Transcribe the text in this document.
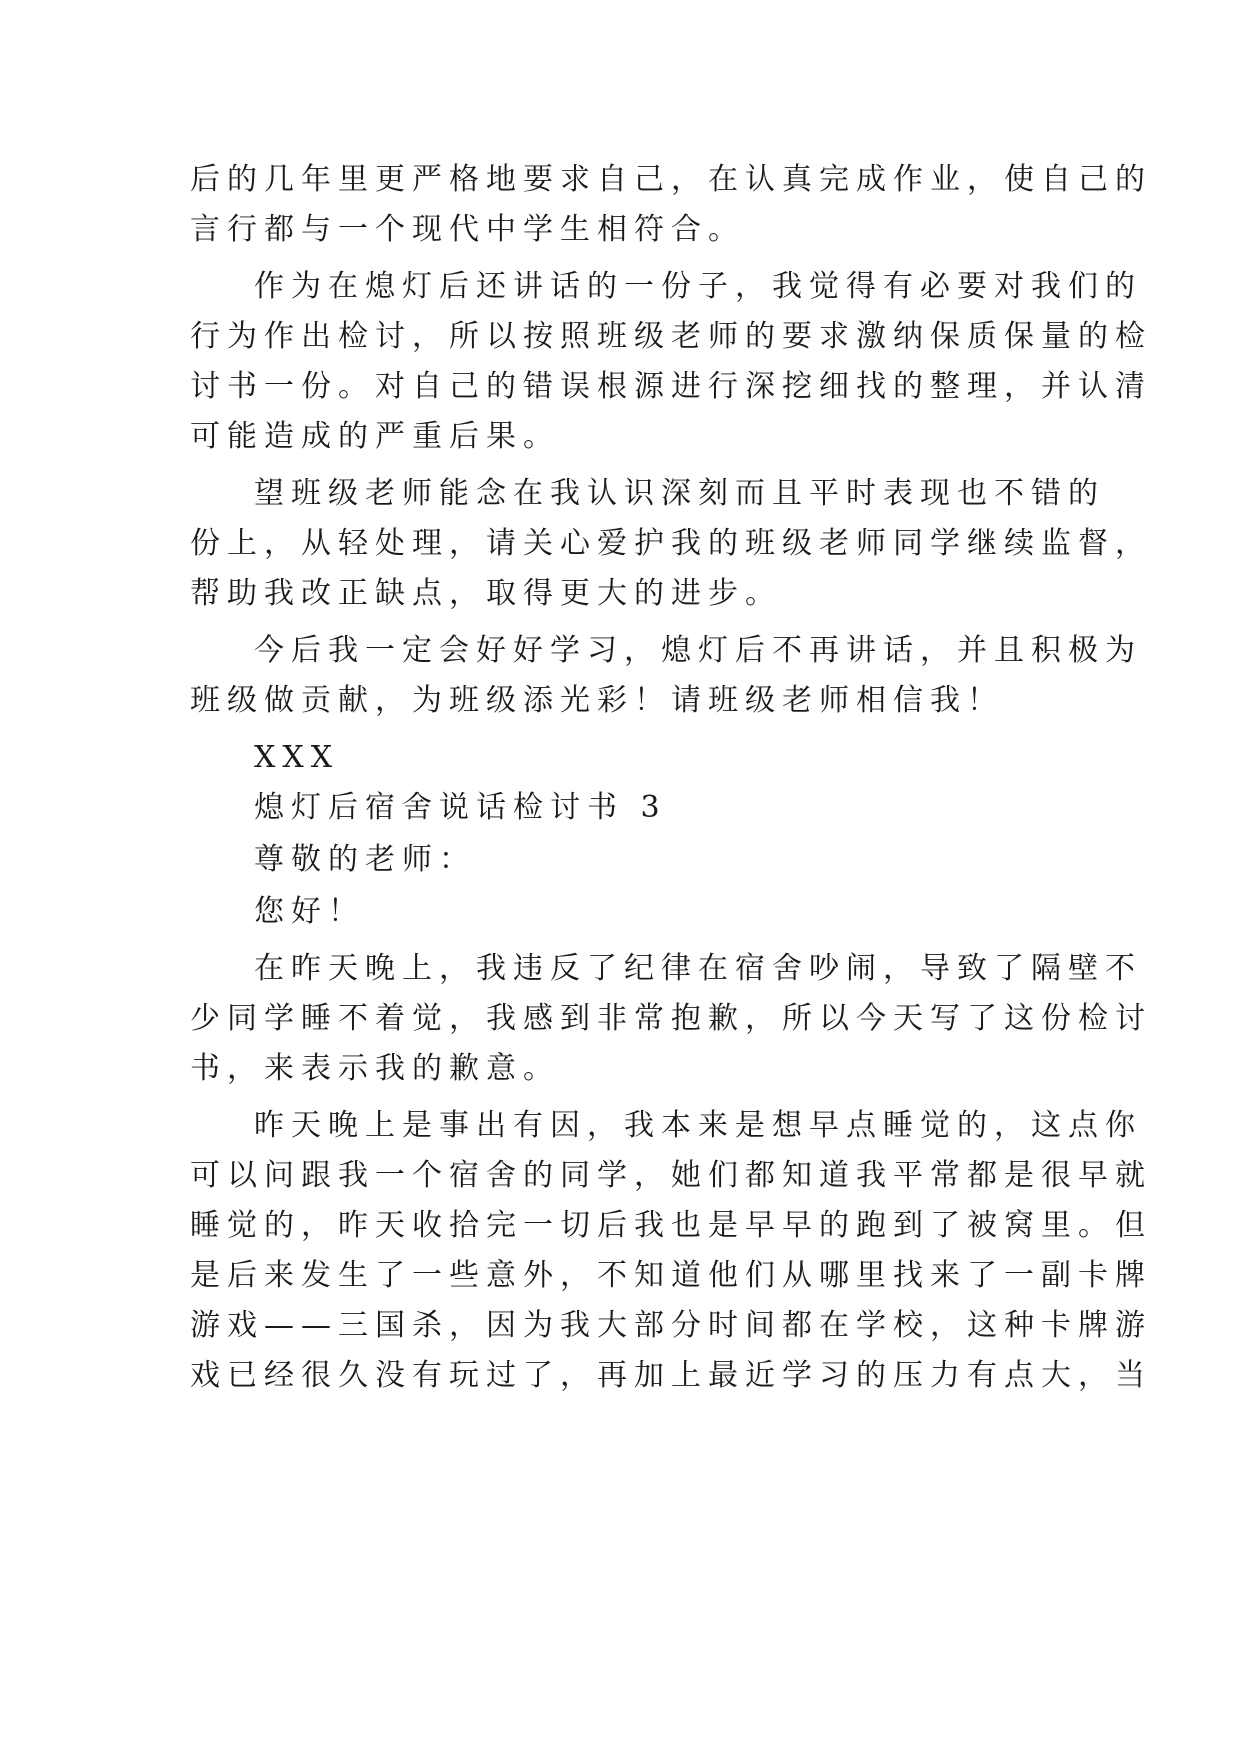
后的几年里更严格地要求自己，在认真完成作业，使自己的
言行都与一个现代中学生相符合。
作为在熄灯后还讲话的一份子，我觉得有必要对我们的
行为作出检讨，所以按照班级老师的要求激纳保质保量的检
讨书一份。对自己的错误根源进行深挖细找的整理，并认清
可能造成的严重后果。
望班级老师能念在我认识深刻而且平时表现也不错的
份上，从轻处理，请关心爱护我的班级老师同学继续监督，
帮助我改正缺点，取得更大的进步。
今后我一定会好好学习，熄灯后不再讲话，并且积极为
班级做贡献，为班级添光彩！请班级老师相信我！
XXX
熄灯后宿舍说话检讨书 3
尊敬的老师：
您好！
在昨天晚上，我违反了纪律在宿舍吵闹，导致了隔壁不
少同学睡不着觉，我感到非常抱歉，所以今天写了这份检讨
书，来表示我的歉意。
昨天晚上是事出有因，我本来是想早点睡觉的，这点你
可以问跟我一个宿舍的同学，她们都知道我平常都是很早就
睡觉的，昨天收拾完一切后我也是早早的跑到了被窝里。但
是后来发生了一些意外，不知道他们从哪里找来了一副卡牌
游戏——三国杀，因为我大部分时间都在学校，这种卡牌游
戏已经很久没有玩过了，再加上最近学习的压力有点大，当
